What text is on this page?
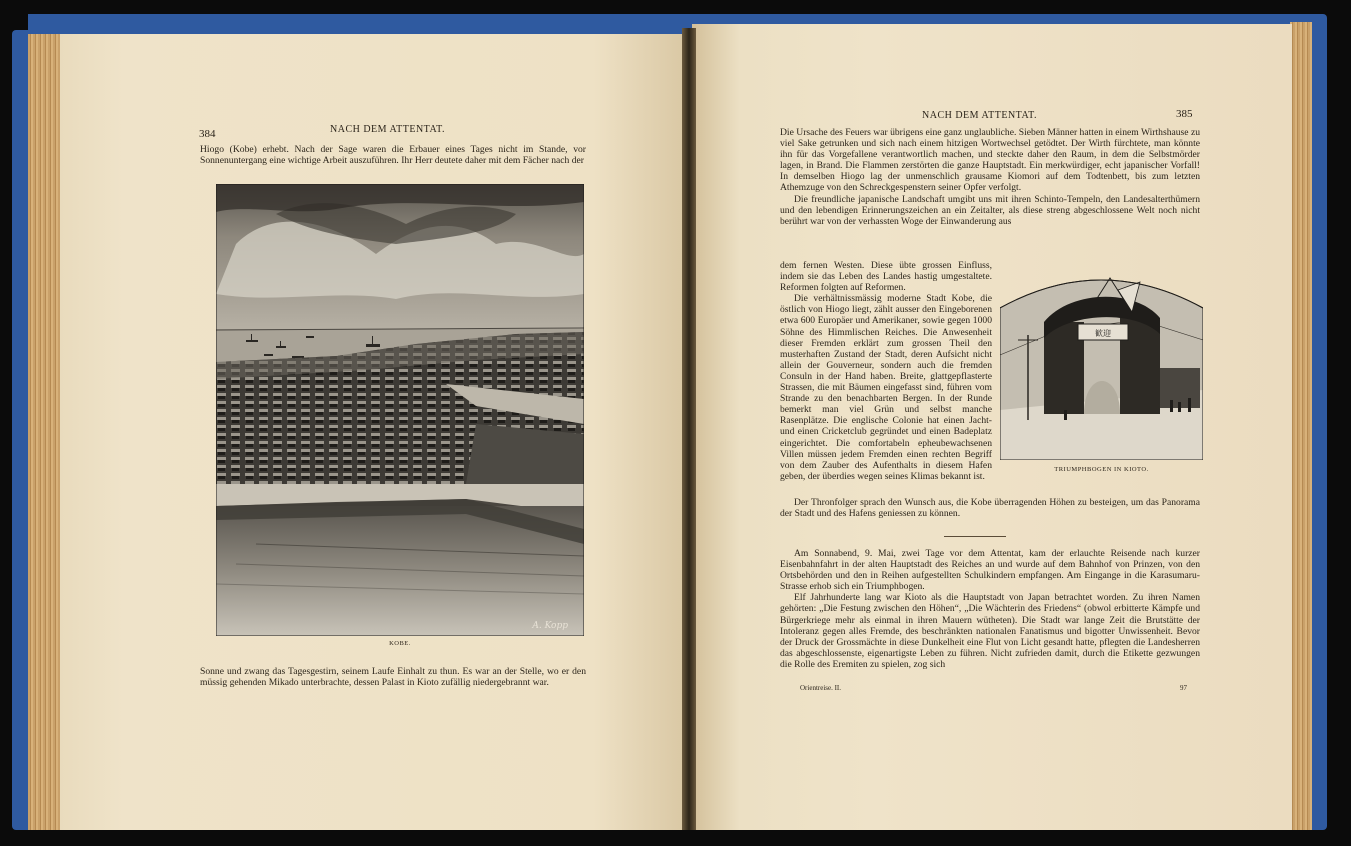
384	NACH DEM ATTENTAT.

Hiogo (Kobe) erhebt. Nach der Sage waren die Erbauer eines Tages nicht im Stande, vor Sonnenuntergang eine wichtige Arbeit auszuführen. Ihr Herr deutete daher mit dem Fächer nach der

A. Kopp
KOBE.

Sonne und zwang das Tagesgestirn, seinem Laufe Einhalt zu thun. Es war an der Stelle, wo er den müssig gehenden Mikado unterbrachte, dessen Palast in Kioto zufällig niedergebrannt war.

NACH DEM ATTENTAT.	385

Die Ursache des Feuers war übrigens eine ganz unglaubliche. Sieben Männer hatten in einem Wirthshause zu viel Sake getrunken und sich nach einem hitzigen Wortwechsel getödtet. Der Wirth fürchtete, man könnte ihn für das Vorgefallene verantwortlich machen, und steckte daher den Raum, in dem die Selbstmörder lagen, in Brand. Die Flammen zerstörten die ganze Hauptstadt. Ein merkwürdiger, echt japanischer Vorfall! In demselben Hiogo lag der unmenschlich grausame Kiomori auf dem Todtenbett, bis zum letzten Athemzuge von den Schreckgespenstern seiner Opfer verfolgt.

Die freundliche japanische Landschaft umgibt uns mit ihren Schinto-Tempeln, den Landesalterthümern und den lebendigen Erinnerungszeichen an ein Zeitalter, als diese streng abgeschlossene Welt noch nicht berührt war von der verhassten Woge der Einwanderung aus

dem fernen Westen. Diese übte grossen Einfluss, indem sie das Leben des Landes hastig umgestaltete. Reformen folgten auf Reformen.

Die verhältnissmässig moderne Stadt Kobe, die östlich von Hiogo liegt, zählt ausser den Eingeborenen etwa 600 Europäer und Amerikaner, sowie gegen 1000 Söhne des Himmlischen Reiches. Die Anwesenheit dieser Fremden erklärt zum grossen Theil den musterhaften Zustand der Stadt, deren Aufsicht nicht allein der Gouverneur, sondern auch die fremden Consuln in der Hand haben. Breite, glattgepflasterte Strassen, die mit Bäumen eingefasst sind, führen vom Strande zu den benachbarten Bergen. In der Runde bemerkt man viel Grün und selbst manche Rasenplätze. Die englische Colonie hat einen Jacht- und einen Cricketclub gegründet und einen Badeplatz eingerichtet. Die comfortabeln epheubewachsenen Villen müssen jedem Fremden einen rechten Begriff von dem Zauber des Aufenthalts in diesem Hafen geben, der überdies wegen seines Klimas bekannt ist.

歓迎
TRIUMPHBOGEN IN KIOTO.

Der Thronfolger sprach den Wunsch aus, die Kobe überragenden Höhen zu besteigen, um das Panorama der Stadt und des Hafens geniessen zu können.

Am Sonnabend, 9. Mai, zwei Tage vor dem Attentat, kam der erlauchte Reisende nach kurzer Eisenbahnfahrt in der alten Hauptstadt des Reiches an und wurde auf dem Bahnhof von Prinzen, von den Ortsbehörden und den in Reihen aufgestellten Schulkindern empfangen. Am Eingange in die Karasumaru-Strasse erhob sich ein Triumphbogen.

Elf Jahrhunderte lang war Kioto als die Hauptstadt von Japan betrachtet worden. Zu ihren Namen gehörten: „Die Festung zwischen den Höhen“, „Die Wächterin des Friedens“ (obwol erbitterte Kämpfe und Bürgerkriege mehr als einmal in ihren Mauern wütheten). Die Stadt war lange Zeit die Brutstätte der Intoleranz gegen alles Fremde, des beschränkten nationalen Fanatismus und bigotter Unwissenheit. Bevor der Druck der Grossmächte in diese Dunkelheit eine Flut von Licht gesandt hatte, pflegten die Landesherren das abgeschlossenste, eigenartigste Leben zu führen. Nicht zufrieden damit, durch die Etikette gezwungen die Rolle des Eremiten zu spielen, zog sich

Orientreise. II.	97
